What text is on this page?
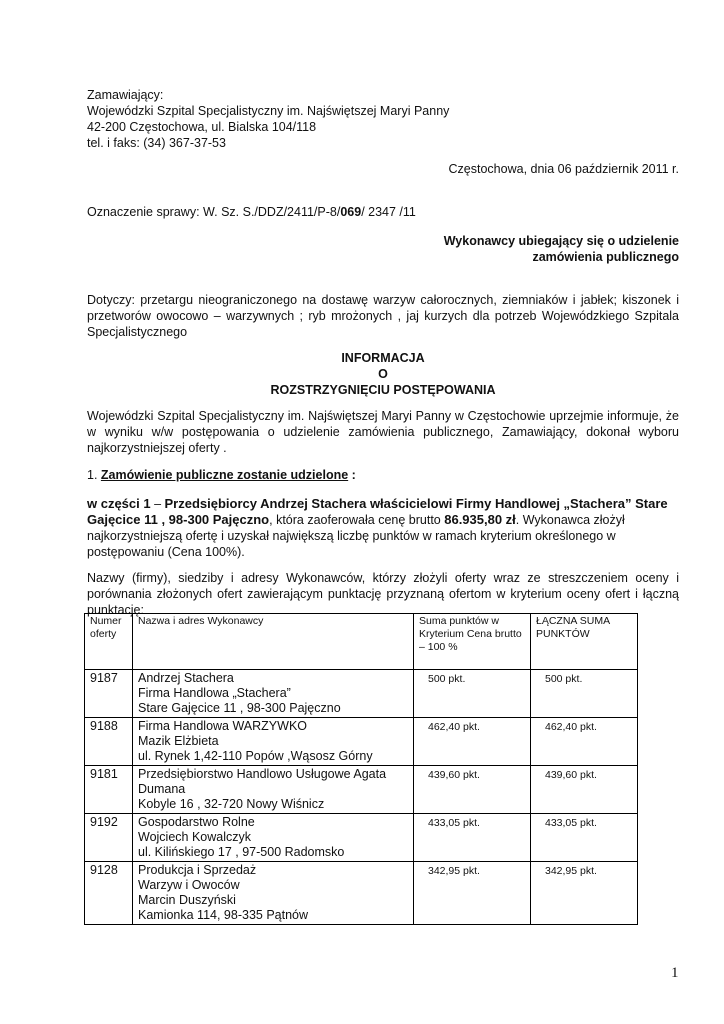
Zamawiający:
Wojewódzki Szpital Specjalistyczny im. Najświętszej Maryi Panny
42-200 Częstochowa, ul. Bialska 104/118
tel. i faks: (34) 367-37-53
Częstochowa, dnia 06 październik 2011 r.
Oznaczenie sprawy: W. Sz. S./DDZ/2411/P-8/069/ 2347 /11
Wykonawcy ubiegający się o udzielenie
zamówienia publicznego
Dotyczy: przetargu nieograniczonego na dostawę warzyw całorocznych, ziemniaków i jabłek; kiszonek i przetworów owocowo – warzywnych ; ryb mrożonych , jaj kurzych dla potrzeb Wojewódzkiego Szpitala Specjalistycznego
INFORMACJA
O
ROZSTRZYGNIĘCIU POSTĘPOWANIA
Wojewódzki Szpital Specjalistyczny im. Najświętszej Maryi Panny w Częstochowie uprzejmie informuje, że w wyniku w/w postępowania o udzielenie zamówienia publicznego, Zamawiający, dokonał wyboru najkorzystniejszej oferty .
1. Zamówienie publiczne zostanie udzielone :
w części 1 – Przedsiębiorcy Andrzej Stachera właścicielowi Firmy Handlowej „Stachera” Stare Gajęcice 11 , 98-300 Pajęczno, która zaoferowała cenę brutto 86.935,80 zł. Wykonawca złożył najkorzystniejszą ofertę i uzyskał największą liczbę punktów w ramach kryterium określonego w postępowaniu (Cena 100%).
Nazwy (firmy), siedziby i adresy Wykonawców, którzy złożyli oferty wraz ze streszczeniem oceny i porównania złożonych ofert zawierającym punktację przyznaną ofertom w kryterium oceny ofert i łączną punktację:
Numer oferty	Nazwa i adres Wykonawcy	Suma punktów w Kryterium Cena brutto – 100 %	ŁĄCZNA SUMA PUNKTÓW
9187	Andrzej Stachera
Firma Handlowa „Stachera”
Stare Gajęcice 11 , 98-300 Pajęczno	500 pkt.	500 pkt.
9188	Firma Handlowa WARZYWKO
Mazik Elżbieta
ul. Rynek 1,42-110 Popów ,Wąsosz Górny	462,40 pkt.	462,40 pkt.
9181	Przedsiębiorstwo Handlowo Usługowe Agata Dumana
Kobyle 16 , 32-720 Nowy Wiśnicz	439,60 pkt.	439,60 pkt.
9192	Gospodarstwo Rolne
Wojciech Kowalczyk
ul. Kilińskiego 17 , 97-500 Radomsko	433,05 pkt.	433,05 pkt.
9128	Produkcja i Sprzedaż
Warzyw i Owoców
Marcin Duszyński
Kamionka 114, 98-335 Pątnów	342,95 pkt.	342,95 pkt.
1
